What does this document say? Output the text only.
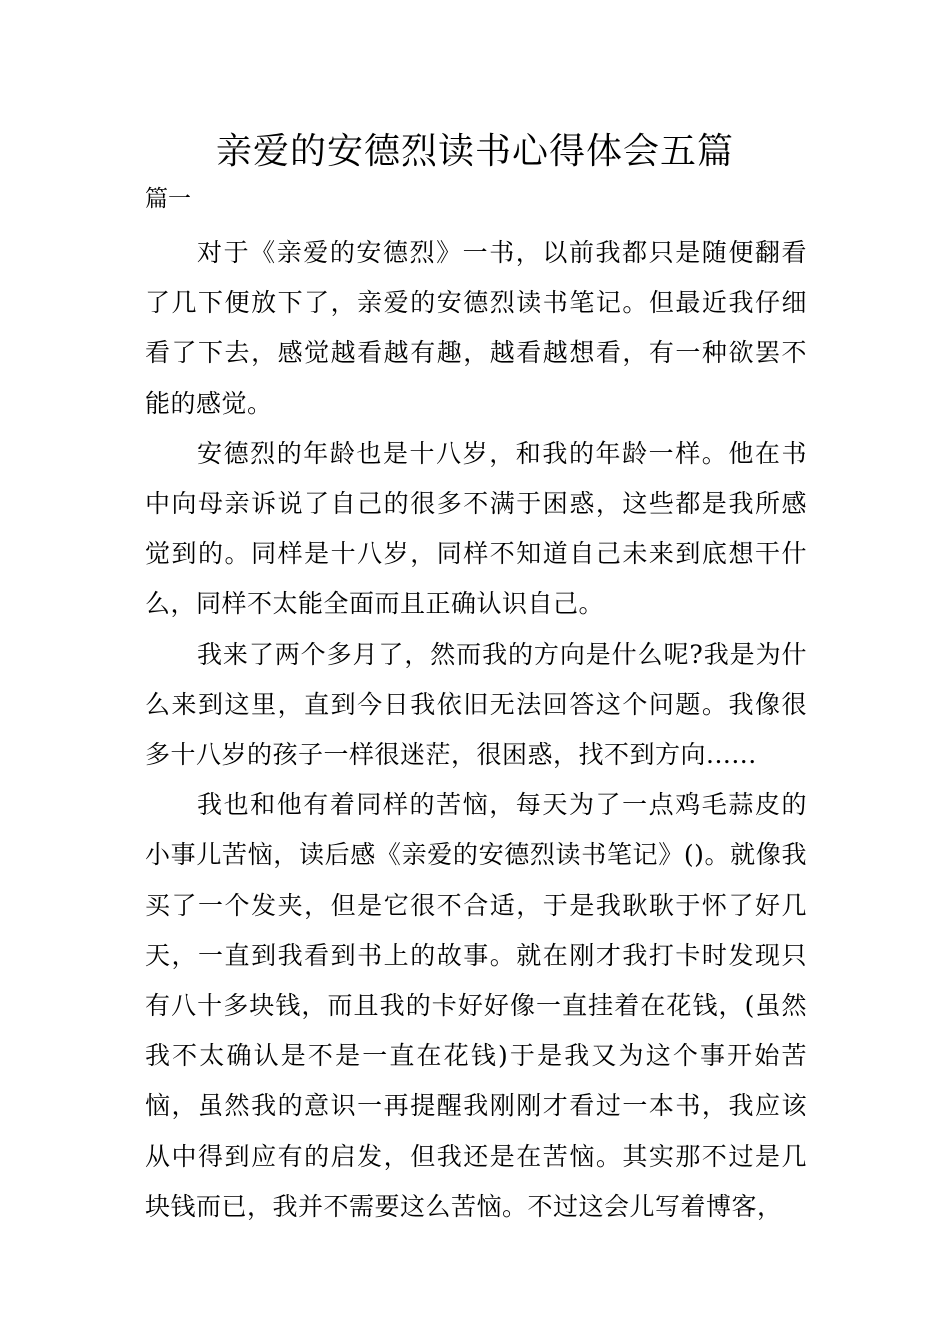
亲爱的安德烈读书心得体会五篇
篇一

对于《亲爱的安德烈》一书，以前我都只是随便翻看了几下便放下了，亲爱的安德烈读书笔记。但最近我仔细看了下去，感觉越看越有趣，越看越想看，有一种欲罢不能的感觉。

安德烈的年龄也是十八岁，和我的年龄一样。他在书中向母亲诉说了自己的很多不满于困惑，这些都是我所感觉到的。同样是十八岁，同样不知道自己未来到底想干什么，同样不太能全面而且正确认识自己。

我来了两个多月了，然而我的方向是什么呢?我是为什么来到这里，直到今日我依旧无法回答这个问题。我像很多十八岁的孩子一样很迷茫，很困惑，找不到方向......

我也和他有着同样的苦恼，每天为了一点鸡毛蒜皮的小事儿苦恼，读后感《亲爱的安德烈读书笔记》()。就像我买了一个发夹，但是它很不合适，于是我耿耿于怀了好几天，一直到我看到书上的故事。就在刚才我打卡时发现只有八十多块钱，而且我的卡好好像一直挂着在花钱，(虽然我不太确认是不是一直在花钱)于是我又为这个事开始苦恼，虽然我的意识一再提醒我刚刚才看过一本书，我应该从中得到应有的启发，但我还是在苦恼。其实那不过是几块钱而已，我并不需要这么苦恼。不过这会儿写着博客，
